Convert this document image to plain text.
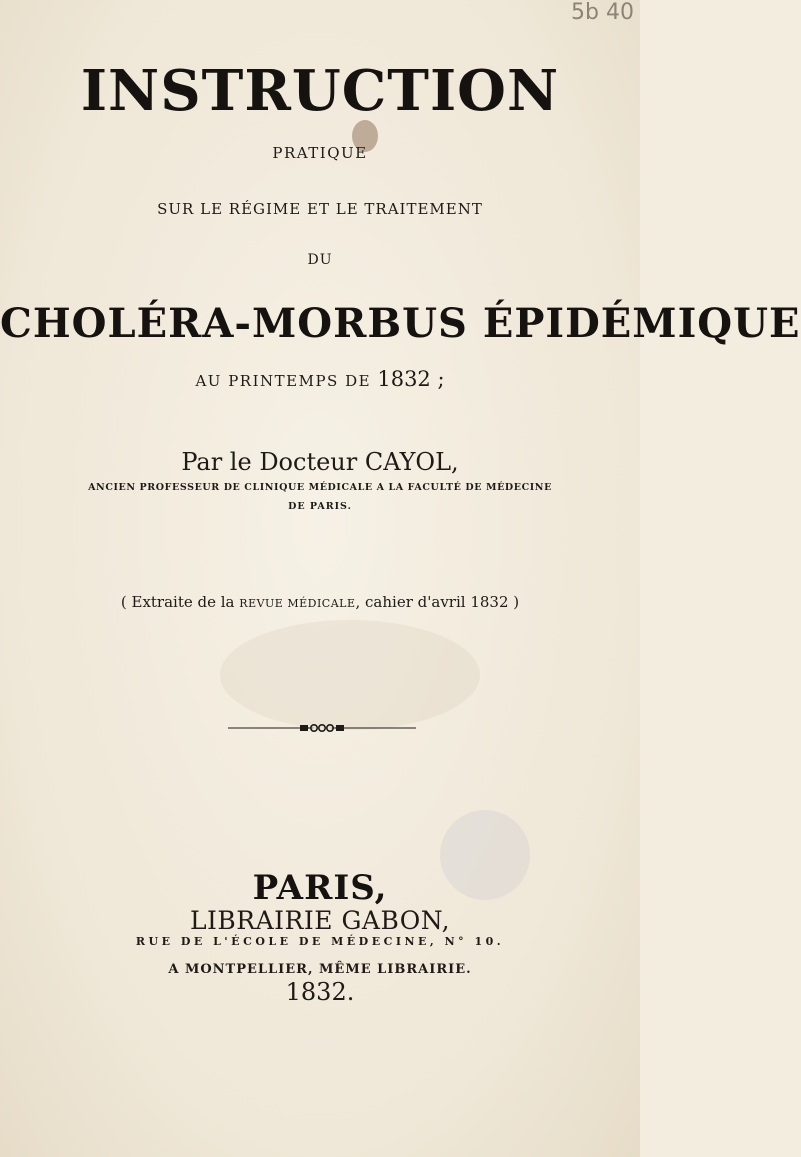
5b 40
INSTRUCTION
PRATIQUE
SUR LE RÉGIME ET LE TRAITEMENT
DU
CHOLÉRA-MORBUS ÉPIDÉMIQUE
AU PRINTEMPS DE 1832 ;
Par le Docteur CAYOL,
ANCIEN PROFESSEUR DE CLINIQUE MÉDICALE A LA FACULTÉ DE MÉDECINE
DE PARIS.
( Extraite de la REVUE MÉDICALE, cahier d'avril 1832 )
PARIS,
LIBRAIRIE GABON,
RUE DE L'ÉCOLE DE MÉDECINE, N° 10.
A MONTPELLIER, MÊME LIBRAIRIE.
1832.
